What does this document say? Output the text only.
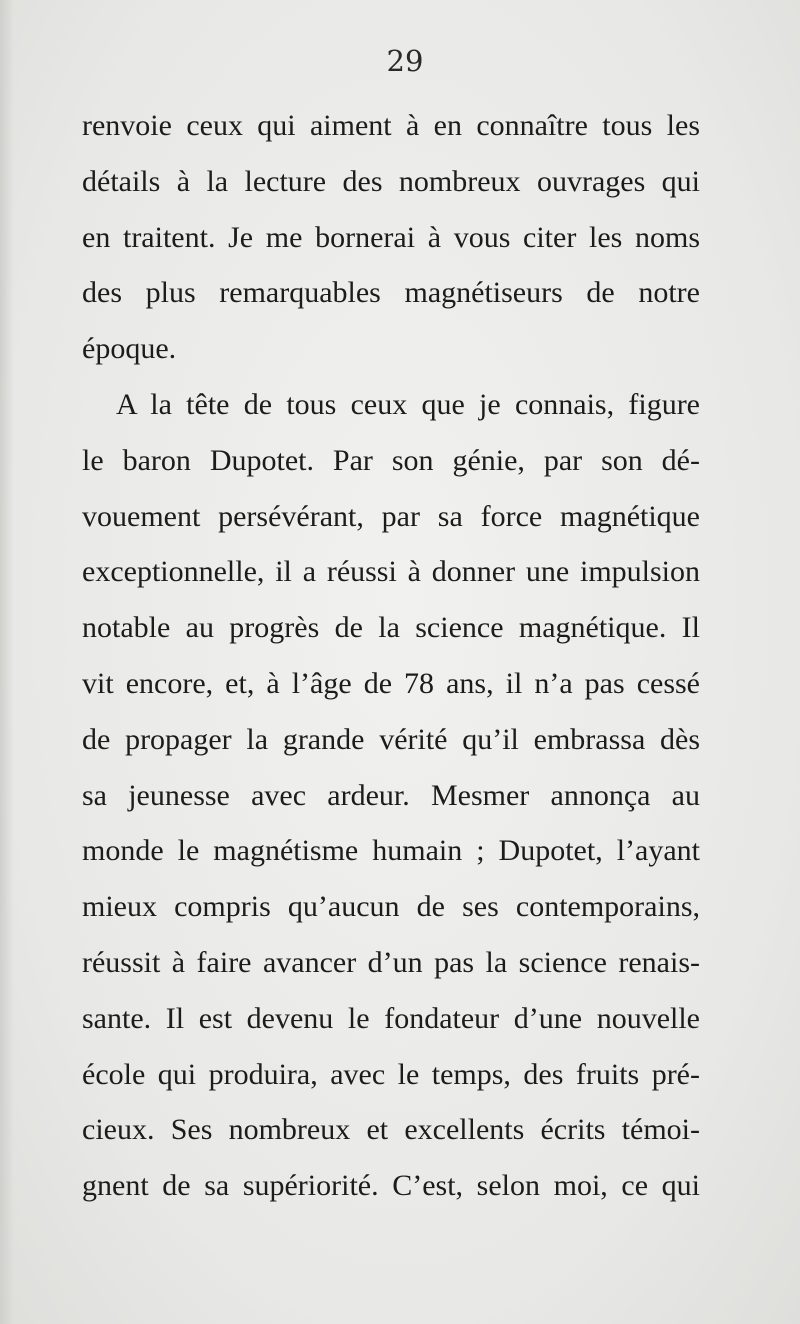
29
renvoie ceux qui aiment à en connaître tous les
détails à la lecture des nombreux ouvrages qui
en traitent. Je me bornerai à vous citer les noms
des plus remarquables magnétiseurs de notre
époque.
A la tête de tous ceux que je connais, figure
le baron Dupotet. Par son génie, par son dé-
vouement persévérant, par sa force magnétique
exceptionnelle, il a réussi à donner une impulsion
notable au progrès de la science magnétique. Il
vit encore, et, à l’âge de 78 ans, il n’a pas cessé
de propager la grande vérité qu’il embrassa dès
sa jeunesse avec ardeur. Mesmer annonça au
monde le magnétisme humain ; Dupotet, l’ayant
mieux compris qu’aucun de ses contemporains,
réussit à faire avancer d’un pas la science renais-
sante. Il est devenu le fondateur d’une nouvelle
école qui produira, avec le temps, des fruits pré-
cieux. Ses nombreux et excellents écrits témoi-
gnent de sa supériorité. C’est, selon moi, ce qui
